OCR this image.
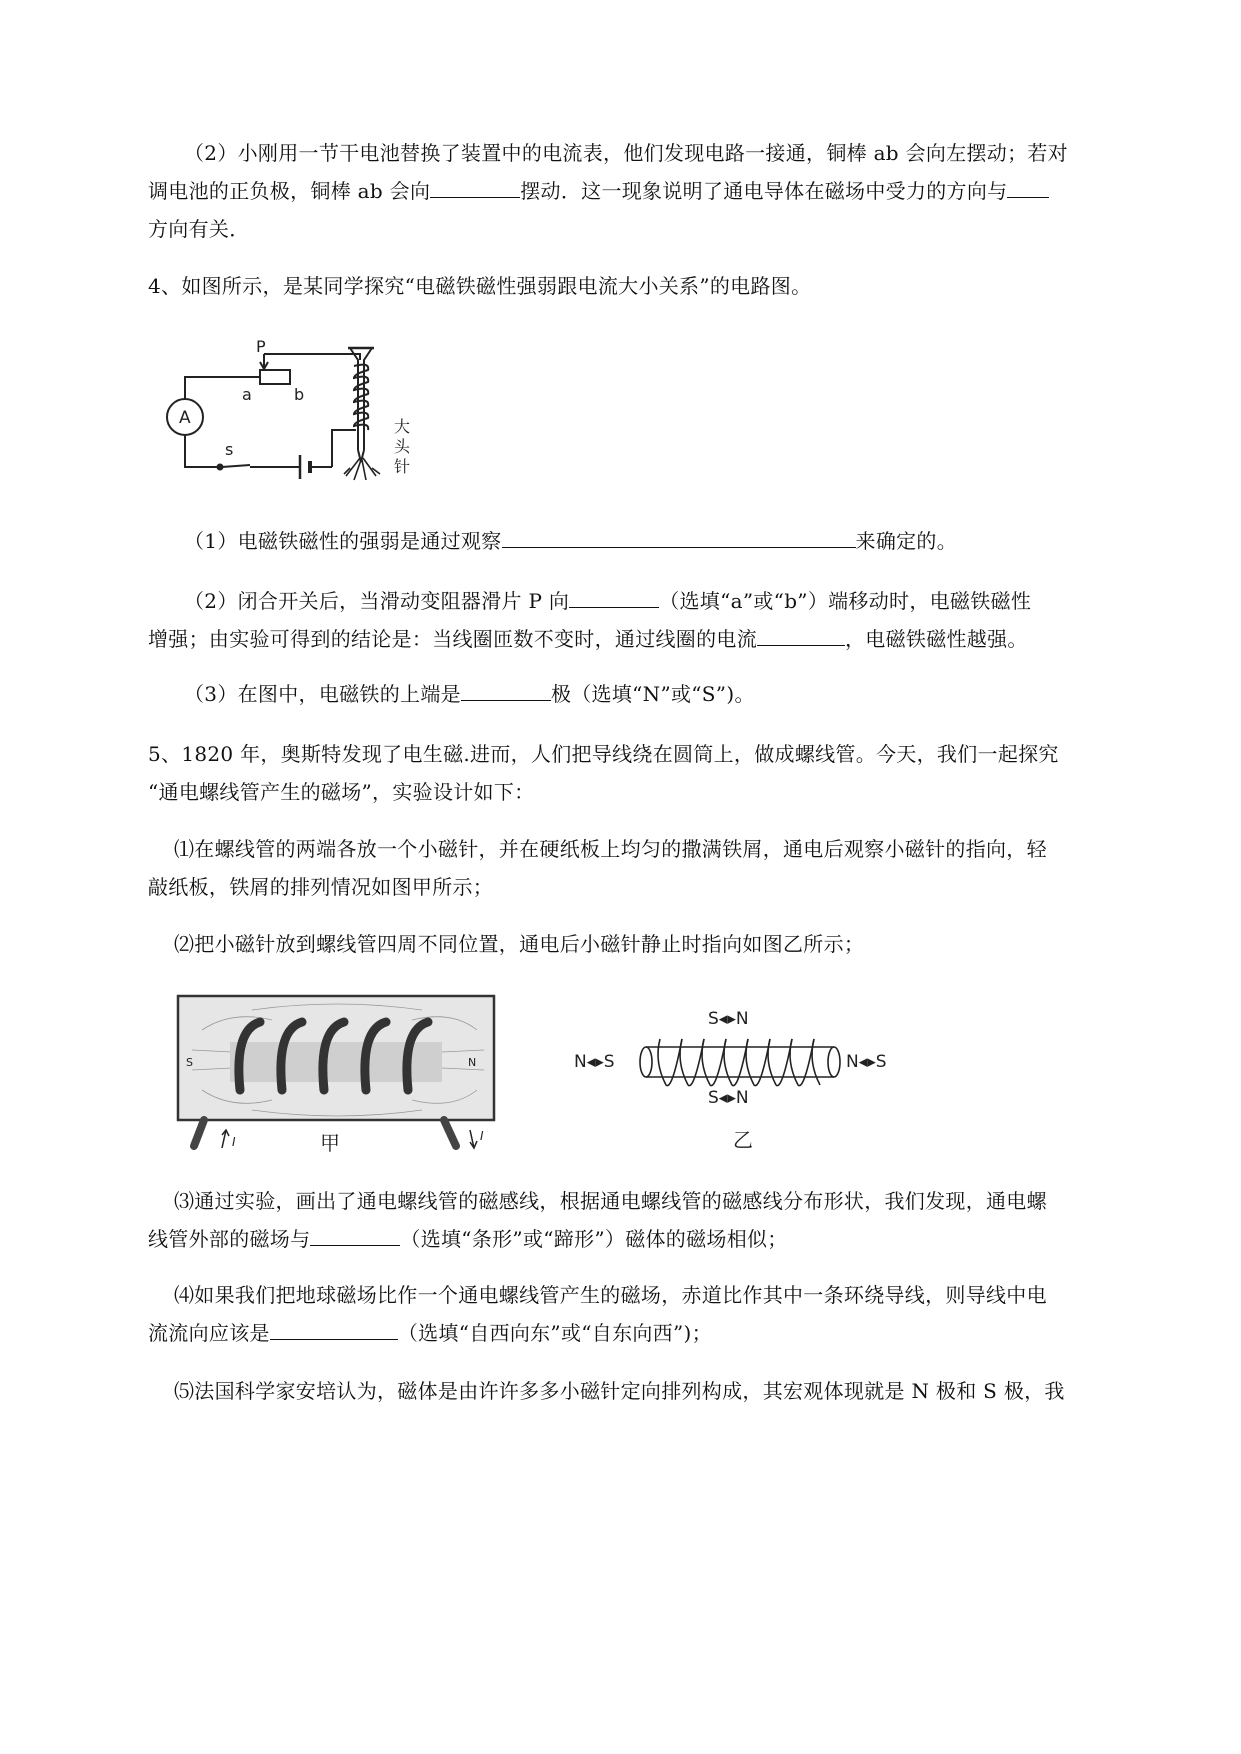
（2）小刚用一节干电池替换了装置中的电流表，他们发现电路一接通，铜棒 ab 会向左摆动；若对

调电池的正负极，铜棒 ab 会向	摆动．这一现象说明了通电导体在磁场中受力的方向与

方向有关．

4、如图所示，是某同学探究“电磁铁磁性强弱跟电流大小关系”的电路图。

P
a	b
A
s
大
头
针

（1）电磁铁磁性的强弱是通过观察	来确定的。

（2）闭合开关后，当滑动变阻器滑片 P 向	（选填“a”或“b”）端移动时，电磁铁磁性

增强；由实验可得到的结论是：当线圈匝数不变时，通过线圈的电流	，电磁铁磁性越强。

（3）在图中，电磁铁的上端是	极（选填“N”或“S”)。

5、1820 年，奥斯特发现了电生磁.进而，人们把导线绕在圆筒上，做成螺线管。今天，我们一起探究

“通电螺线管产生的磁场”，实验设计如下：

⑴在螺线管的两端各放一个小磁针，并在硬纸板上均匀的撒满铁屑，通电后观察小磁针的指向，轻

敲纸板，铁屑的排列情况如图甲所示；

⑵把小磁针放到螺线管四周不同位置，通电后小磁针静止时指向如图乙所示；

S	N
I	I
甲
S◂▸N
S◂▸N
N◂▸S	N◂▸S
乙

⑶通过实验，画出了通电螺线管的磁感线，根据通电螺线管的磁感线分布形状，我们发现，通电螺

线管外部的磁场与	（选填“条形”或“蹄形”）磁体的磁场相似；

⑷如果我们把地球磁场比作一个通电螺线管产生的磁场，赤道比作其中一条环绕导线，则导线中电

流流向应该是	（选填“自西向东”或“自东向西”)；

⑸法国科学家安培认为，磁体是由许许多多小磁针定向排列构成，其宏观体现就是 N 极和 S 极，我
